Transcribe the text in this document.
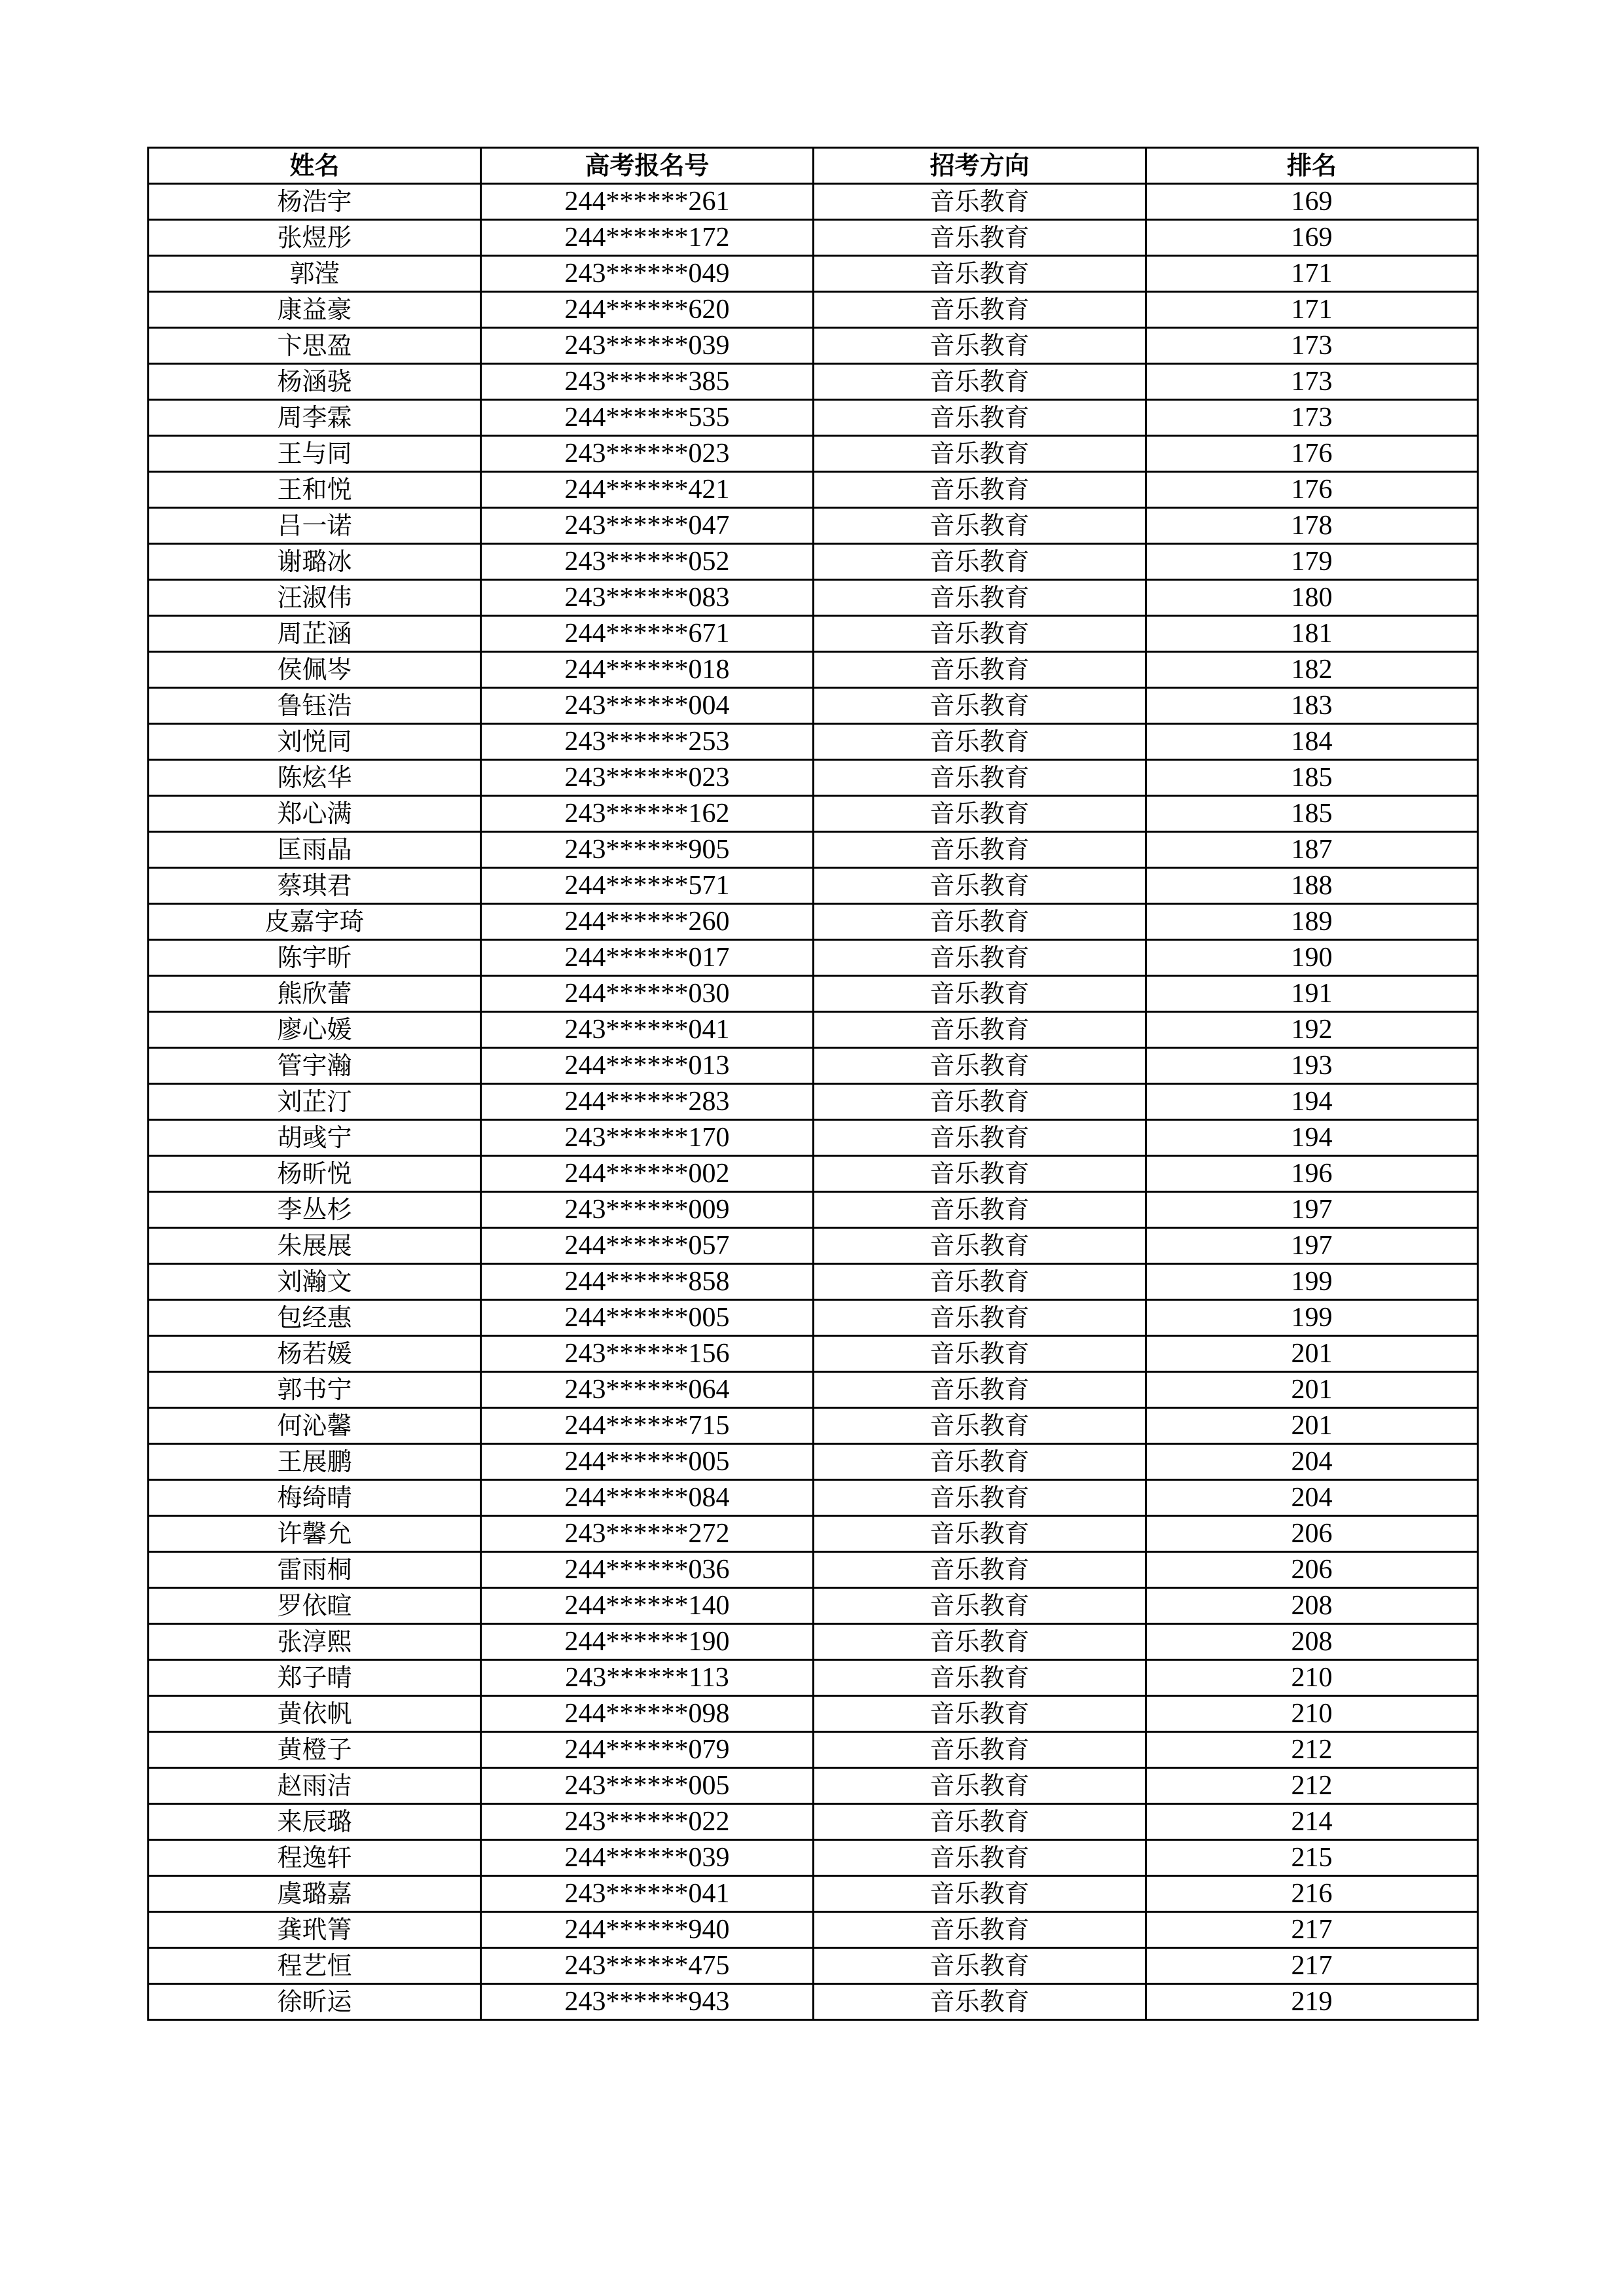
姓名	高考报名号	招考方向	排名
杨浩宇	244******261	音乐教育	169
张煜彤	244******172	音乐教育	169
郭滢	243******049	音乐教育	171
康益豪	244******620	音乐教育	171
卞思盈	243******039	音乐教育	173
杨涵骁	243******385	音乐教育	173
周李霖	244******535	音乐教育	173
王与同	243******023	音乐教育	176
王和悦	244******421	音乐教育	176
吕一诺	243******047	音乐教育	178
谢璐冰	243******052	音乐教育	179
汪淑伟	243******083	音乐教育	180
周芷涵	244******671	音乐教育	181
侯佩岑	244******018	音乐教育	182
鲁钰浩	243******004	音乐教育	183
刘悦同	243******253	音乐教育	184
陈炫华	243******023	音乐教育	185
郑心满	243******162	音乐教育	185
匡雨晶	243******905	音乐教育	187
蔡琪君	244******571	音乐教育	188
皮嘉宇琦	244******260	音乐教育	189
陈宇昕	244******017	音乐教育	190
熊欣蕾	244******030	音乐教育	191
廖心媛	243******041	音乐教育	192
管宇瀚	244******013	音乐教育	193
刘芷汀	244******283	音乐教育	194
胡彧宁	243******170	音乐教育	194
杨昕悦	244******002	音乐教育	196
李丛杉	243******009	音乐教育	197
朱展展	244******057	音乐教育	197
刘瀚文	244******858	音乐教育	199
包经惠	244******005	音乐教育	199
杨若媛	243******156	音乐教育	201
郭书宁	243******064	音乐教育	201
何沁馨	244******715	音乐教育	201
王展鹏	244******005	音乐教育	204
梅绮晴	244******084	音乐教育	204
许馨允	243******272	音乐教育	206
雷雨桐	244******036	音乐教育	206
罗依暄	244******140	音乐教育	208
张淳熙	244******190	音乐教育	208
郑子晴	243******113	音乐教育	210
黄依帆	244******098	音乐教育	210
黄橙子	244******079	音乐教育	212
赵雨洁	243******005	音乐教育	212
来辰璐	243******022	音乐教育	214
程逸轩	244******039	音乐教育	215
虞璐嘉	243******041	音乐教育	216
龚玳箐	244******940	音乐教育	217
程艺恒	243******475	音乐教育	217
徐昕运	243******943	音乐教育	219
